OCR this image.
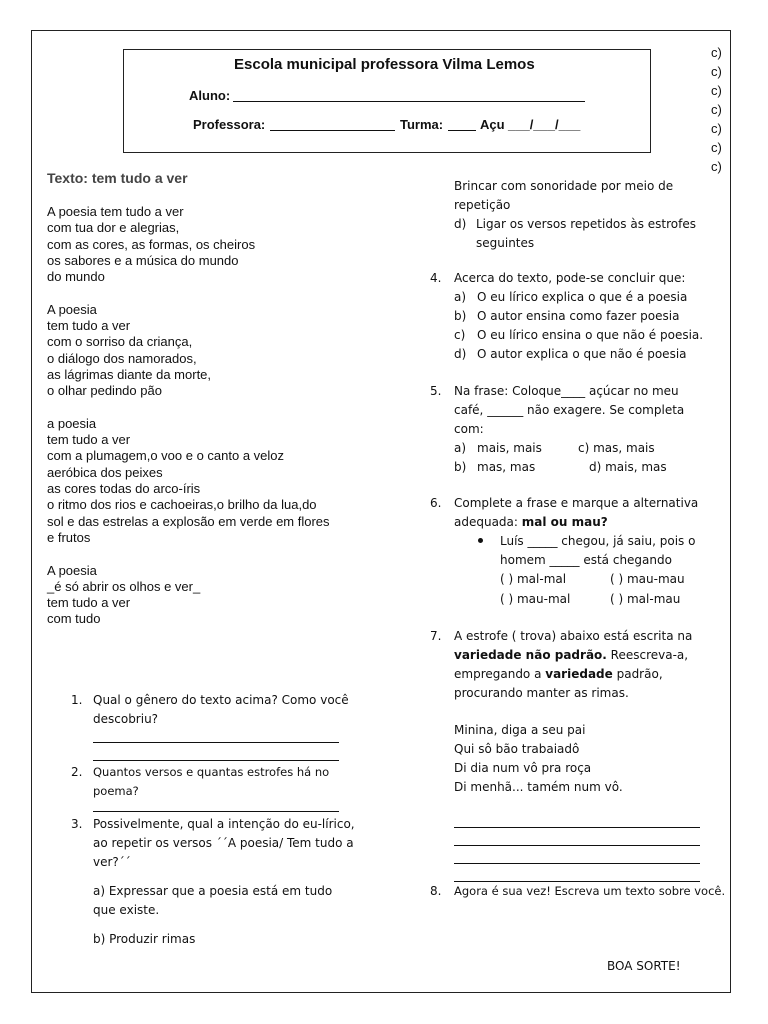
Escola municipal professora Vilma Lemos
Aluno:
Professora:	Turma:	Açu ___/___/___
c)
c)
c)
c)
c)
c)
c)
Texto: tem tudo a ver
A poesia tem tudo a ver
com tua dor e alegrias,
com as cores, as formas, os cheiros
os sabores e a música do mundo
do mundo
A poesia
tem tudo a ver
com o sorriso da criança,
o diálogo dos namorados,
as lágrimas diante da morte,
o olhar pedindo pão
a poesia
tem tudo a ver
com a plumagem,o voo e o canto a veloz
aeróbica dos peixes
as cores todas do arco-íris
o ritmo dos rios e cachoeiras,o brilho da lua,do
sol e das estrelas a explosão em verde em flores
e frutos
A poesia
_é só abrir os olhos e ver_
tem tudo a ver
com tudo
1. Qual o gênero do texto acima? Como você descobriu?
2. Quantos versos e quantas estrofes há no poema?
3. Possivelmente, qual a intenção do eu-lírico, ao repetir os versos ´´A poesia/ Tem tudo a ver?´´
a) Expressar que a poesia está em tudo que existe.
b) Produzir rimas
Brincar com sonoridade por meio de repetição
d) Ligar os versos repetidos às estrofes seguintes
4. Acerca do texto, pode-se concluir que:
a) O eu lírico explica o que é a poesia
b) O autor ensina como fazer poesia
c) O eu lírico ensina o que não é poesia.
d) O autor explica o que não é poesia
5. Na frase: Coloque____ açúcar no meu café, ______ não exagere. Se completa com:
a) mais, mais	c) mas, mais
b) mas, mas	d) mais, mas
6. Complete a frase e marque a alternativa adequada: mal ou mau?
Luís _____ chegou, já saiu, pois o homem _____ está chegando
( ) mal-mal	( ) mau-mau
( ) mau-mal	( ) mal-mau
7. A estrofe ( trova) abaixo está escrita na variedade não padrão. Reescreva-a, empregando a variedade padrão, procurando manter as rimas.
Minina, diga a seu pai
Qui sô bão trabaiadô
Di dia num vô pra roça
Di menhã... tamém num vô.
8. Agora é sua vez! Escreva um texto sobre você.
BOA SORTE!
